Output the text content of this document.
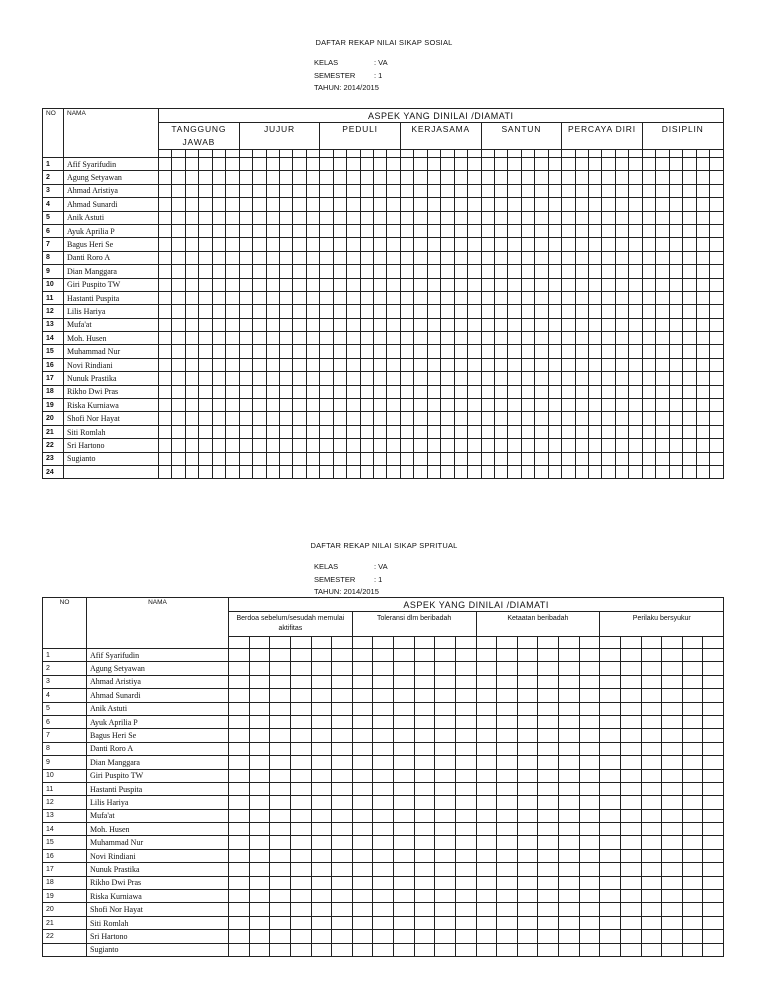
DAFTAR REKAP NILAI SIKAP SOSIAL
KELAS	: VA
SEMESTER	: 1
TAHUN: 2014/2015
NO	NAMA	ASPEK YANG DINILAI /DIAMATI																																									
		TANGGUNG JAWAB						JUJUR						PEDULI						KERJASAMA						SANTUN						PERCAYA DIRI						DISIPLIN					

1	Afif Syarifudin																																										
2	Agung Setyawan																																										
3	Ahmad Aristiya																																										
4	Ahmad Sunardi																																										
5	Anik Astuti																																										
6	Ayuk Aprilia P																																										
7	Bagus Heri Se																																										
8	Danti Roro A																																										
9	Dian Manggara																																										
10	Giri Puspito TW																																										
11	Hastanti Puspita																																										
12	Lilis Hariya																																										
13	Mufa'at																																										
14	Moh. Husen																																										
15	Muhammad Nur																																										
16	Novi Rindiani																																										
17	Nunuk Prastika																																										
18	Rikho Dwi Pras																																										
19	Riska Kurniawa																																										
20	Shofi Nor Hayat																																										
21	Siti Romlah																																										
22	Sri Hartono																																										
23	Sugianto																																										
24																																											
DAFTAR REKAP NILAI SIKAP SPRITUAL
KELAS	: VA
SEMESTER	: 1
TAHUN: 2014/2015
NO	NAMA	ASPEK YANG DINILAI /DIAMATI																							
		Berdoa sebelum/sesudah memulai aktifitas						Toleransi dlm beribadah						Ketaatan beribadah						Perilaku bersyukur					

1	Afif Syarifudin																								
2	Agung Setyawan																								
3	Ahmad Aristiya																								
4	Ahmad Sunardi																								
5	Anik Astuti																								
6	Ayuk Aprilia P																								
7	Bagus Heri Se																								
8	Danti Roro A																								
9	Dian Manggara																								
10	Giri Puspito TW																								
11	Hastanti Puspita																								
12	Lilis Hariya																								
13	Mufa'at																								
14	Moh. Husen																								
15	Muhammad Nur																								
16	Novi Rindiani																								
17	Nunuk Prastika																								
18	Rikho Dwi Pras																								
19	Riska Kurniawa																								
20	Shofi Nor Hayat																								
21	Siti Romlah																								
22	Sri Hartono																								
	Sugianto																								
